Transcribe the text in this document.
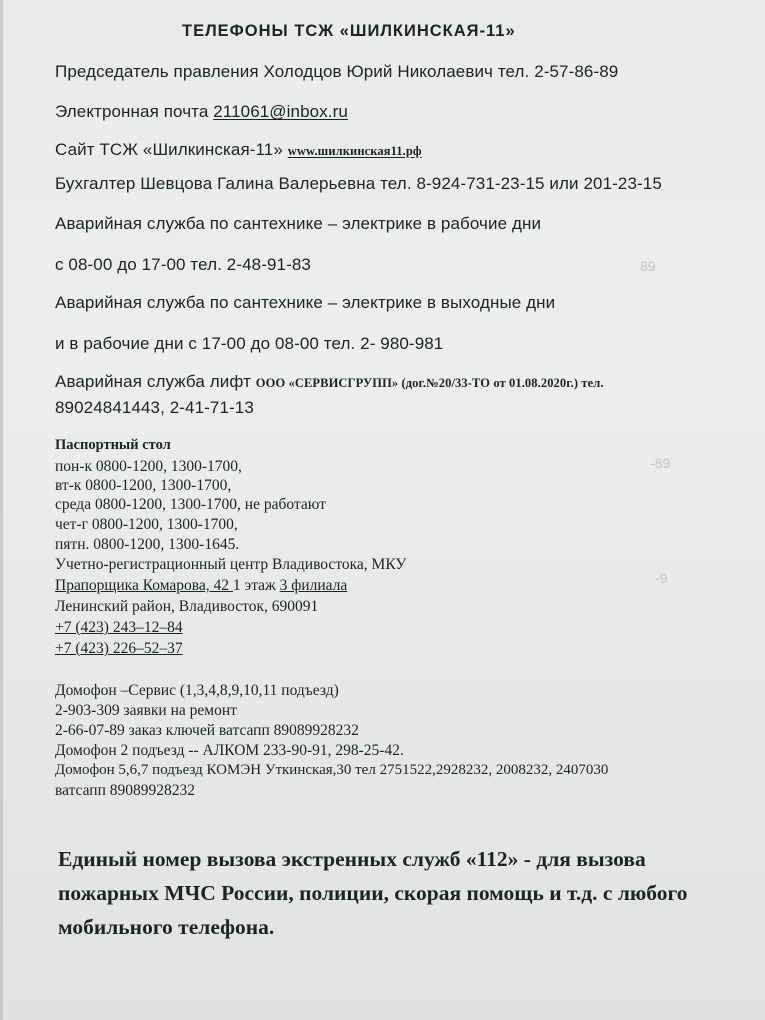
89
-89
-9
ТЕЛЕФОНЫ ТСЖ «ШИЛКИНСКАЯ-11»
Председатель правления Холодцов Юрий Николаевич тел. 2-57-86-89
Электронная почта 211061@inbox.ru
Сайт ТСЖ «Шилкинская-11» www.шилкинская11.рф
Бухгалтер Шевцова Галина Валерьевна тел. 8-924-731-23-15 или 201-23-15
Аварийная служба по сантехнике – электрике в рабочие дни
с 08-00 до 17-00 тел. 2-48-91-83
Аварийная служба по сантехнике – электрике в выходные дни
и в рабочие дни с 17-00 до 08-00 тел. 2- 980-981
Аварийная служба лифт ООО «СЕРВИСГРУПП» (дог.№20/33-ТО от 01.08.2020г.) тел.
89024841443, 2-41-71-13
Паспортный стол
пон-к 0800-1200, 1300-1700,
вт-к 0800-1200, 1300-1700,
среда 0800-1200, 1300-1700, не работают
чет-г 0800-1200, 1300-1700,
пятн. 0800-1200, 1300-1645.
Учетно-регистрационный центр Владивостока, МКУ
Прапорщика Комарова, 42 1 этаж 3 филиала
Ленинский район, Владивосток, 690091
+7 (423) 243–12–84
+7 (423) 226–52–37
Домофон –Сервис (1,3,4,8,9,10,11 подъезд)
2-903-309 заявки на ремонт
2-66-07-89 заказ ключей ватсапп 89089928232
Домофон 2 подъезд -- АЛКОМ 233-90-91, 298-25-42.
Домофон 5,6,7 подъезд КОМЭН Уткинская,30 тел 2751522,2928232, 2008232, 2407030
ватсапп 89089928232
Единый номер вызова экстренных служб «112» - для вызова пожарных МЧС России, полиции, скорая помощь и т.д. с любого мобильного телефона.
